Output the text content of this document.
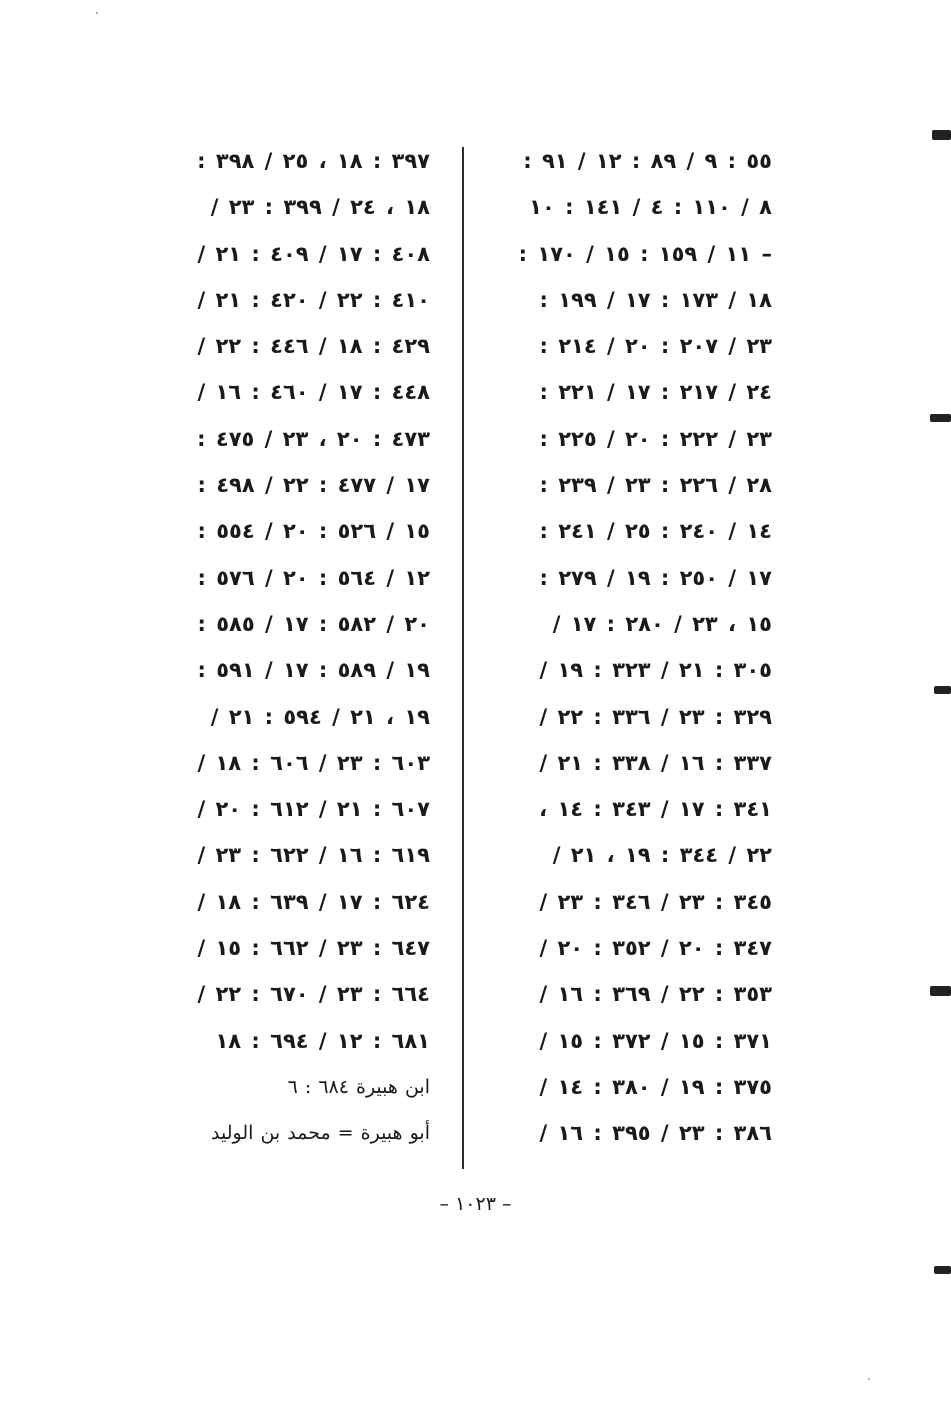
٥٥ : ٩ / ٨٩ : ١٢ / ٩١ :
٨ / ١١٠ : ٤ / ١٤١ : ١٠
– ١١ / ١٥٩ : ١٥ / ١٧٠ :
١٨ / ١٧٣ : ١٧ / ١٩٩ :
٢٣ / ٢٠٧ : ٢٠ / ٢١٤ :
٢٤ / ٢١٧ : ١٧ / ٢٢١ :
٢٣ / ٢٢٢ : ٢٠ / ٢٢٥ :
٢٨ / ٢٢٦ : ٢٣ / ٢٣٩ :
١٤ / ٢٤٠ : ٢٥ / ٢٤١ :
١٧ / ٢٥٠ : ١٩ / ٢٧٩ :
١٥ ، ٢٣ / ٢٨٠ : ١٧ /
٣٠٥ : ٢١ / ٣٢٣ : ١٩ /
٣٢٩ : ٢٣ / ٣٣٦ : ٢٢ /
٣٣٧ : ١٦ / ٣٣٨ : ٢١ /
٣٤١ : ١٧ / ٣٤٣ : ١٤ ،
٢٢ / ٣٤٤ : ١٩ ، ٢١ /
٣٤٥ : ٢٣ / ٣٤٦ : ٢٣ /
٣٤٧ : ٢٠ / ٣٥٢ : ٢٠ /
٣٥٣ : ٢٢ / ٣٦٩ : ١٦ /
٣٧١ : ١٥ / ٣٧٢ : ١٥ /
٣٧٥ : ١٩ / ٣٨٠ : ١٤ /
٣٨٦ : ٢٣ / ٣٩٥ : ١٦ /
٣٩٧ : ١٨ ، ٢٥ / ٣٩٨ :
١٨ ، ٢٤ / ٣٩٩ : ٢٣ /
٤٠٨ : ١٧ / ٤٠٩ : ٢١ /
٤١٠ : ٢٢ / ٤٢٠ : ٢١ /
٤٢٩ : ١٨ / ٤٤٦ : ٢٢ /
٤٤٨ : ١٧ / ٤٦٠ : ١٦ /
٤٧٣ : ٢٠ ، ٢٣ / ٤٧٥ :
١٧ / ٤٧٧ : ٢٢ / ٤٩٨ :
١٥ / ٥٢٦ : ٢٠ / ٥٥٤ :
١٢ / ٥٦٤ : ٢٠ / ٥٧٦ :
٢٠ / ٥٨٢ : ١٧ / ٥٨٥ :
١٩ / ٥٨٩ : ١٧ / ٥٩١ :
١٩ ، ٢١ / ٥٩٤ : ٢١ /
٦٠٣ : ٢٣ / ٦٠٦ : ١٨ /
٦٠٧ : ٢١ / ٦١٢ : ٢٠ /
٦١٩ : ١٦ / ٦٢٢ : ٢٣ /
٦٢٤ : ١٧ / ٦٣٩ : ١٨ /
٦٤٧ : ٢٣ / ٦٦٢ : ١٥ /
٦٦٤ : ٢٣ / ٦٧٠ : ٢٢ /
٦٨١ : ١٢ / ٦٩٤ : ١٨
ابن هبيرة ٦٨٤ : ٦
أبو هبيرة = محمد بن الوليد
– ١٠٢٣ –
